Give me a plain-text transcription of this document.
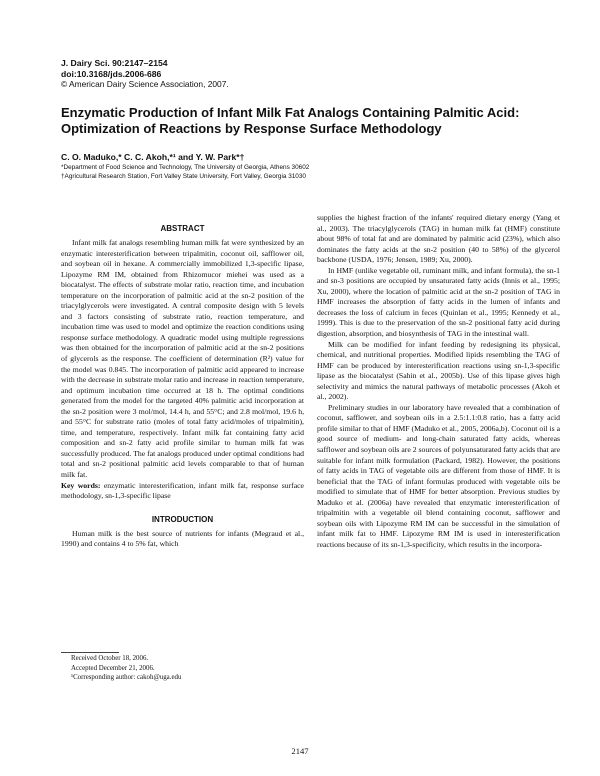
J. Dairy Sci. 90:2147–2154
doi:10.3168/jds.2006-686
© American Dairy Science Association, 2007.
Enzymatic Production of Infant Milk Fat Analogs Containing Palmitic Acid: Optimization of Reactions by Response Surface Methodology
C. O. Maduko,* C. C. Akoh,*¹ and Y. W. Park*†
*Department of Food Science and Technology, The University of Georgia, Athens 30602
†Agricultural Research Station, Fort Valley State University, Fort Valley, Georgia 31030
ABSTRACT

Infant milk fat analogs resembling human milk fat were synthesized by an enzymatic interesterification between tripalmitin, coconut oil, safflower oil, and soybean oil in hexane. A commercially immobilized 1,3-specific lipase, Lipozyme RM IM, obtained from Rhizomucor miehei was used as a biocatalyst. The effects of substrate molar ratio, reaction time, and incubation temperature on the incorporation of palmitic acid at the sn-2 position of the triacylglycerols were investigated. A central composite design with 5 levels and 3 factors consisting of substrate ratio, reaction temperature, and incubation time was used to model and optimize the reaction conditions using response surface methodology. A quadratic model using multiple regressions was then obtained for the incorporation of palmitic acid at the sn-2 positions of glycerols as the response. The coefficient of determination (R²) value for the model was 0.845. The incorporation of palmitic acid appeared to increase with the decrease in substrate molar ratio and increase in reaction temperature, and optimum incubation time occurred at 18 h. The optimal conditions generated from the model for the targeted 40% palmitic acid incorporation at the sn-2 position were 3 mol/mol, 14.4 h, and 55°C; and 2.8 mol/mol, 19.6 h, and 55°C for substrate ratio (moles of total fatty acid/moles of tripalmitin), time, and temperature, respectively. Infant milk fat containing fatty acid composition and sn-2 fatty acid profile similar to human milk fat was successfully produced. The fat analogs produced under optimal conditions had total and sn-2 positional palmitic acid levels comparable to that of human milk fat.

Key words: enzymatic interesterification, infant milk fat, response surface methodology, sn-1,3-specific lipase

INTRODUCTION

Human milk is the best source of nutrients for infants (Megraud et al., 1990) and contains 4 to 5% fat, which

supplies the highest fraction of the infants' required dietary energy (Yang et al., 2003). The triacylglycerols (TAG) in human milk fat (HMF) constitute about 98% of total fat and are dominated by palmitic acid (23%), which also dominates the fatty acids at the sn-2 position (40 to 58%) of the glycerol backbone (USDA, 1976; Jensen, 1989; Xu, 2000).

In HMF (unlike vegetable oil, ruminant milk, and infant formula), the sn-1 and sn-3 positions are occupied by unsaturated fatty acids (Innis et al., 1995; Xu, 2000), where the location of palmitic acid at the sn-2 position of TAG in HMF increases the absorption of fatty acids in the lumen of infants and decreases the loss of calcium in feces (Quinlan et al., 1995; Kennedy et al., 1999). This is due to the preservation of the sn-2 positional fatty acid during digestion, absorption, and biosynthesis of TAG in the intestinal wall.

Milk can be modified for infant feeding by redesigning its physical, chemical, and nutritional properties. Modified lipids resembling the TAG of HMF can be produced by interesterification reactions using sn-1,3-specific lipase as the biocatalyst (Sahin et al., 2005b). Use of this lipase gives high selectivity and mimics the natural pathways of metabolic processes (Akoh et al., 2002).

Preliminary studies in our laboratory have revealed that a combination of coconut, safflower, and soybean oils in a 2.5:1.1:0.8 ratio, has a fatty acid profile similar to that of HMF (Maduko et al., 2005, 2006a,b). Coconut oil is a good source of medium- and long-chain saturated fatty acids, whereas safflower and soybean oils are 2 sources of polyunsaturated fatty acids that are suitable for infant milk formulation (Packard, 1982). However, the positions of fatty acids in TAG of vegetable oils are different from those of HMF. It is beneficial that the TAG of infant formulas produced with vegetable oils be modified to simulate that of HMF for better absorption. Previous studies by Maduko et al. (2006a) have revealed that enzymatic interesterification of tripalmitin with a vegetable oil blend containing coconut, safflower and soybean oils with Lipozyme RM IM can be successful in the simulation of infant milk fat to HMF. Lipozyme RM IM is used in interesterification reactions because of its sn-1,3-specificity, which results in the incorpora-

Received October 18, 2006.
Accepted December 21, 2006.
¹Corresponding author: cakoh@uga.edu
2147
